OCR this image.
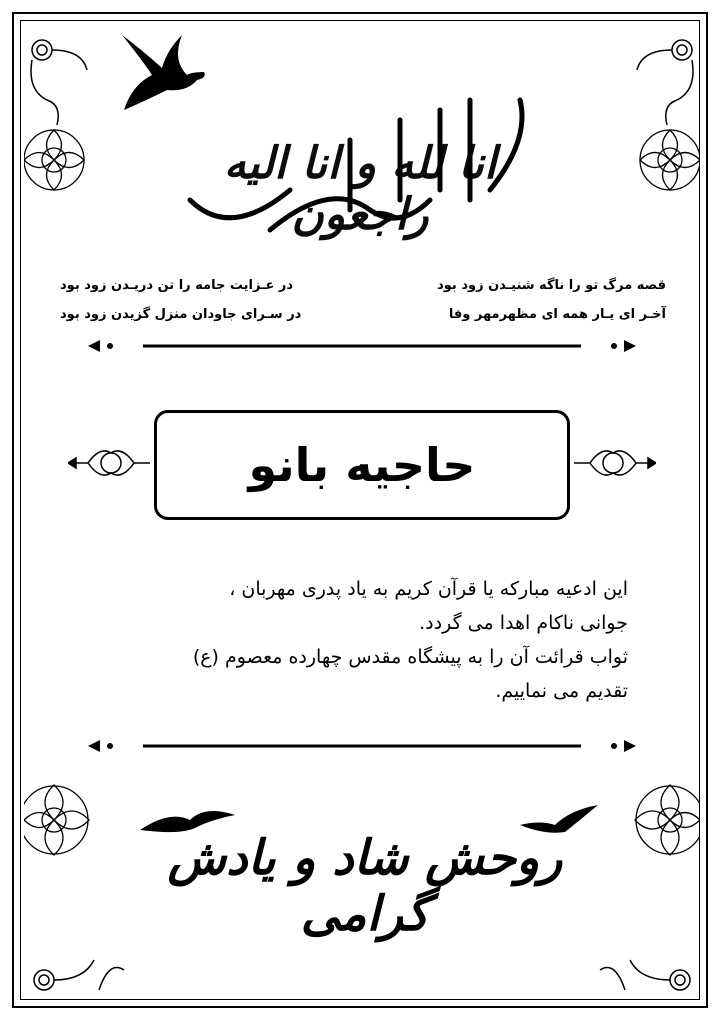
انا لله و انا الیه راجعون
قصه مرگ تو را ناگه شنیـدن زود بود
آخـر ای یـار همه ای مظهرمهر وفا
در عـزایت جامه را تن دریـدن زود بود
در سـرای جاودان منزل گزیدن زود بود
حاجیه بانو
این ادعیه مبارکه یا قرآن کریم به یاد پدری مهربان ،
جوانی ناکام اهدا می گردد.
ثواب قرائت آن را به پیشگاه مقدس چهارده معصوم (ع)
تقدیم می نماییم.
روحش شاد و یادش گرامی
